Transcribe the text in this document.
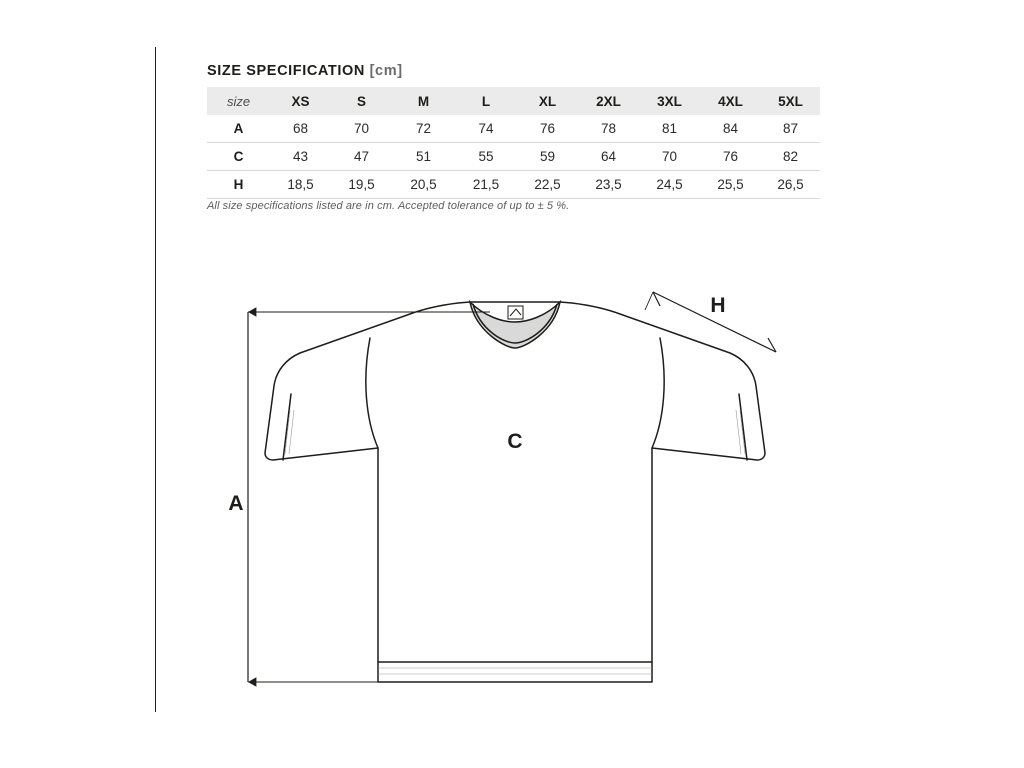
SIZE SPECIFICATION [cm]
size	XS	S	M	L	XL	2XL	3XL	4XL	5XL
A	68	70	72	74	76	78	81	84	87
C	43	47	51	55	59	64	70	76	82
H	18,5	19,5	20,5	21,5	22,5	23,5	24,5	25,5	26,5
All size specifications listed are in cm. Accepted tolerance of up to ± 5 %.
A
C
H
